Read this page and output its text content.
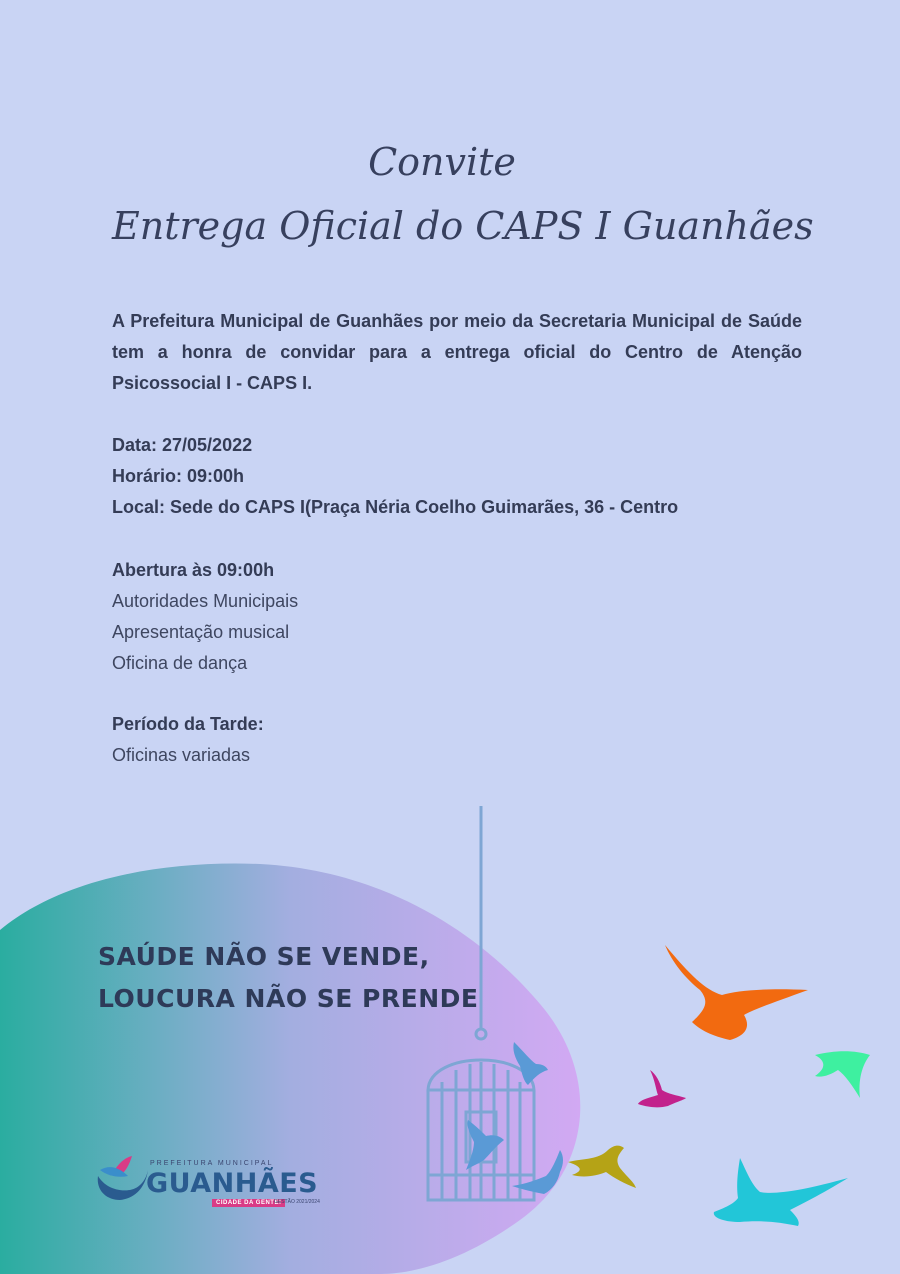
Convite
Entrega Oficial do CAPS I Guanhães

A Prefeitura Municipal de Guanhães por meio da Secretaria Municipal de Saúde tem a honra de convidar para a entrega oficial do Centro de Atenção Psicossocial I - CAPS I.

Data: 27/05/2022

Horário: 09:00h

Local: Sede do CAPS I(Praça Néria Coelho Guimarães, 36 - Centro

Abertura às 09:00h

Autoridades Municipais

Apresentação musical

Oficina de dança

Período da Tarde:

Oficinas variadas

SAÚDE NÃO SE VENDE,
LOUCURA NÃO SE PRENDE
PREFEITURA MUNICIPAL
GUANHÃES
CIDADE DA GENTE!
GESTÃO 2021/2024
